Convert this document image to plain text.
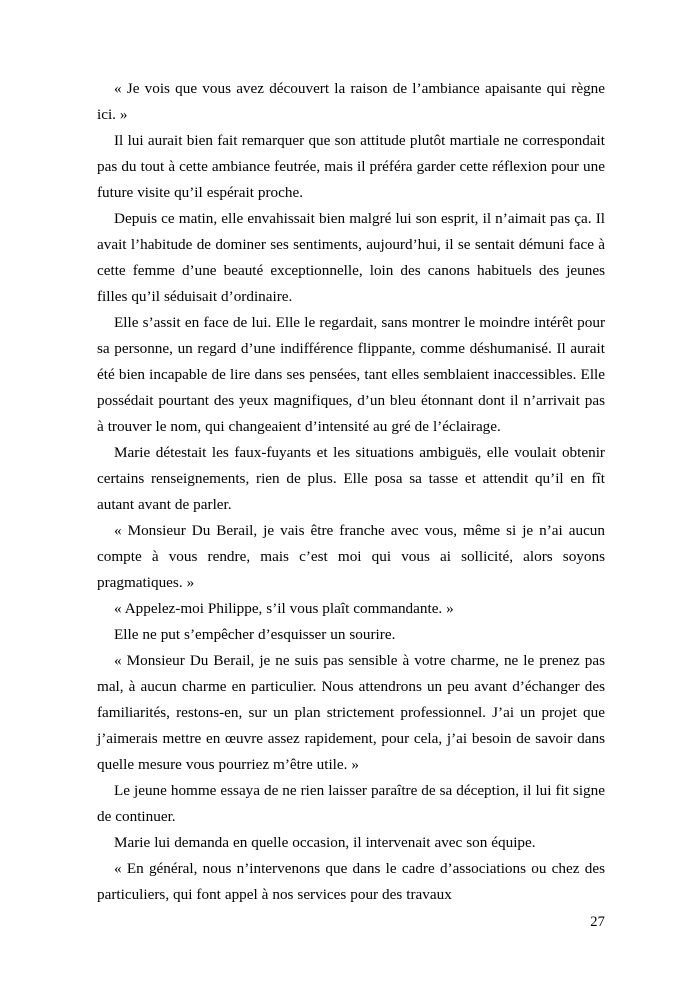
« Je vois que vous avez découvert la raison de l’ambiance apaisante qui règne ici. »

Il lui aurait bien fait remarquer que son attitude plutôt martiale ne correspondait pas du tout à cette ambiance feutrée, mais il préféra garder cette réflexion pour une future visite qu’il espérait proche.

Depuis ce matin, elle envahissait bien malgré lui son esprit, il n’aimait pas ça. Il avait l’habitude de dominer ses sentiments, aujourd’hui, il se sentait démuni face à cette femme d’une beauté exceptionnelle, loin des canons habituels des jeunes filles qu’il séduisait d’ordinaire.

Elle s’assit en face de lui. Elle le regardait, sans montrer le moindre intérêt pour sa personne, un regard d’une indifférence flippante, comme déshumanisé. Il aurait été bien incapable de lire dans ses pensées, tant elles semblaient inaccessibles. Elle possédait pourtant des yeux magnifiques, d’un bleu étonnant dont il n’arrivait pas à trouver le nom, qui changeaient d’intensité au gré de l’éclairage.

Marie détestait les faux-fuyants et les situations ambiguës, elle voulait obtenir certains renseignements, rien de plus. Elle posa sa tasse et attendit qu’il en fît autant avant de parler.

« Monsieur Du Berail, je vais être franche avec vous, même si je n’ai aucun compte à vous rendre, mais c’est moi qui vous ai sollicité, alors soyons pragmatiques. »

« Appelez-moi Philippe, s’il vous plaît commandante. »

Elle ne put s’empêcher d’esquisser un sourire.

« Monsieur Du Berail, je ne suis pas sensible à votre charme, ne le prenez pas mal, à aucun charme en particulier. Nous attendrons un peu avant d’échanger des familiarités, restons-en, sur un plan strictement professionnel. J’ai un projet que j’aimerais mettre en œuvre assez rapidement, pour cela, j’ai besoin de savoir dans quelle mesure vous pourriez m’être utile. »

Le jeune homme essaya de ne rien laisser paraître de sa déception, il lui fit signe de continuer.

Marie lui demanda en quelle occasion, il intervenait avec son équipe.

« En général, nous n’intervenons que dans le cadre d’associations ou chez des particuliers, qui font appel à nos services pour des travaux

27
